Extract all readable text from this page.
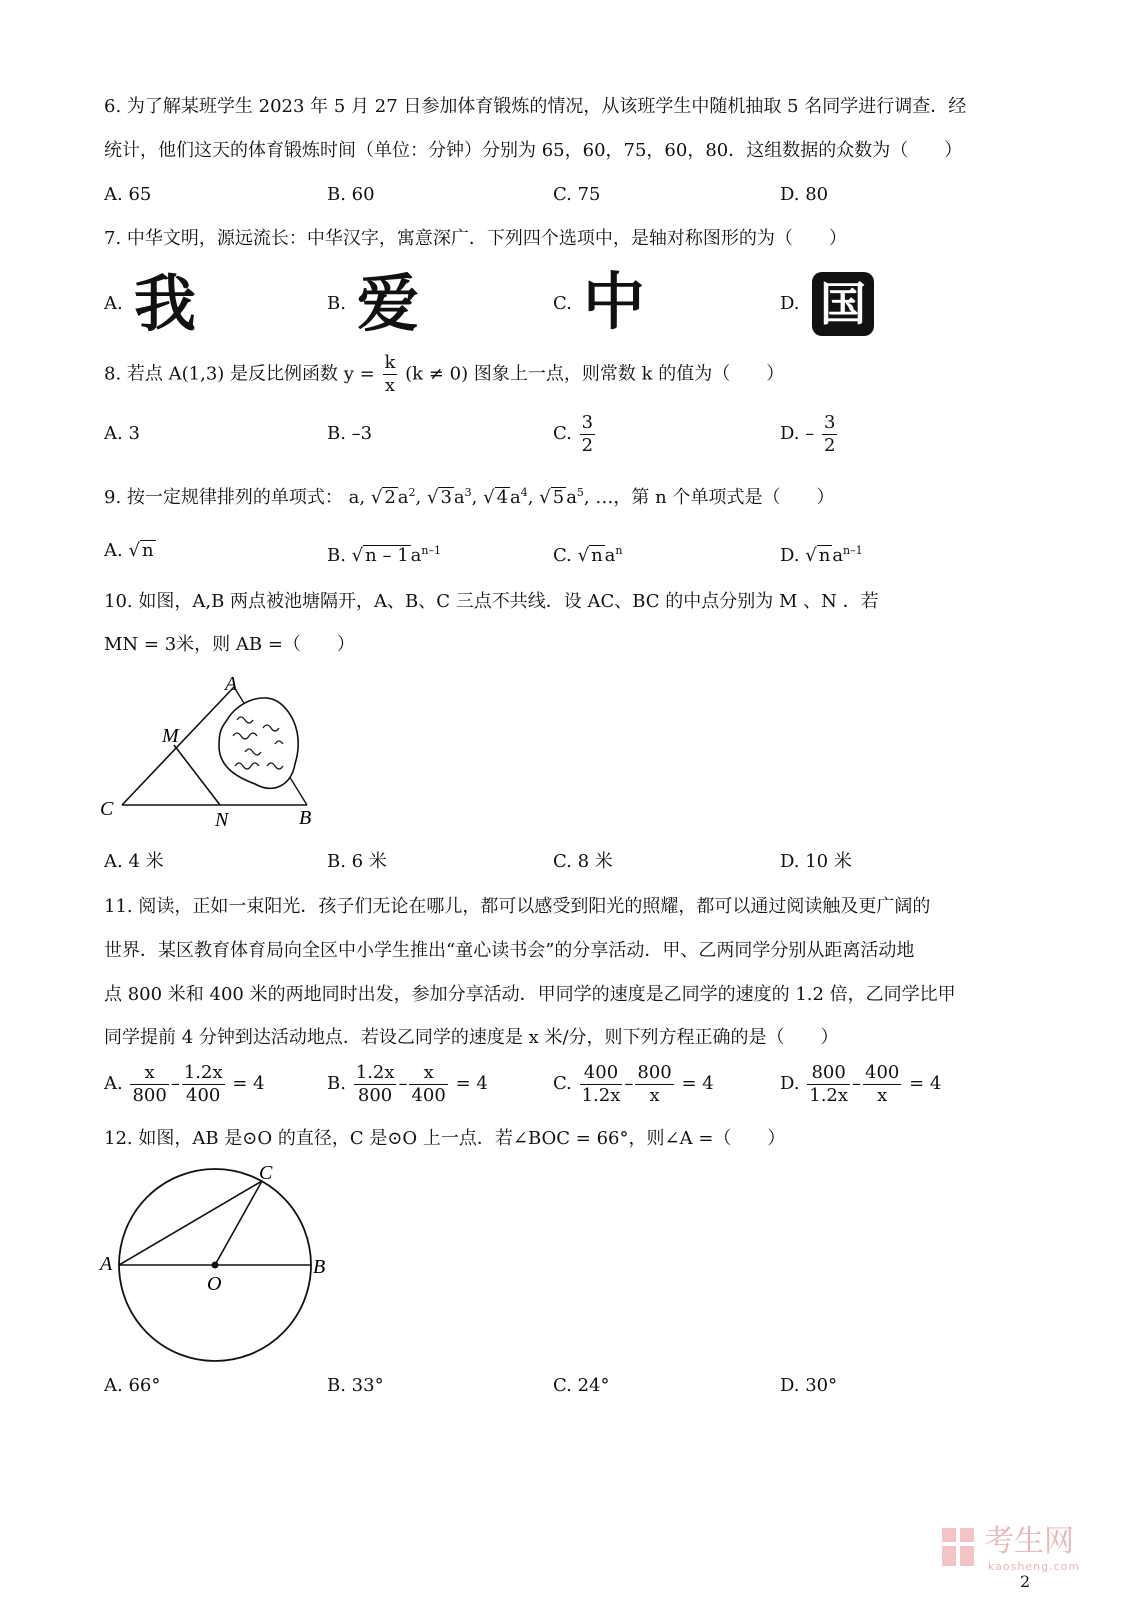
6. 为了解某班学生 2023 年 5 月 27 日参加体育锻炼的情况，从该班学生中随机抽取 5 名同学进行调查．经
统计，他们这天的体育锻炼时间（单位：分钟）分别为 65，60，75，60，80．这组数据的众数为（　　）
A. 65	B. 60	C. 75	D. 80
7. 中华文明，源远流长：中华汉字，寓意深广．下列四个选项中，是轴对称图形的为（　　）
A. 我	B. 爱	C. 中	D. 国
8. 若点 A(1,3) 是反比例函数 $y = \frac{k}{x} (k \ne 0)$ 图象上一点，则常数 k 的值为（　　）
A. 3	B. –3	C. $\frac{3}{2}$	D. – $\frac{3}{2}$
9. 按一定规律排列的单项式： a, √ 2 $a^2$, √ 3 $a^3$, √ 4 $a^4$, √ 5 $a^5$, …，第 n 个单项式是（　　）
A. √ n	B. √ n – 1 $a^{n-1}$	C. √ n $a^n$	D. √ n $a^{n-1}$
10. 如图，A,B 两点被池塘隔开，A、B、C 三点不共线．设 AC、BC 的中点分别为 M 、N ．若
MN = 3米，则 AB =（　　）
A
M
C	N	B
A. 4 米	B. 6 米	C. 8 米	D. 10 米
11. 阅读，正如一束阳光．孩子们无论在哪儿，都可以感受到阳光的照耀，都可以通过阅读触及更广阔的
世界．某区教育体育局向全区中小学生推出“童心读书会”的分享活动．甲、乙两同学分别从距离活动地
点 800 米和 400 米的两地同时出发，参加分享活动．甲同学的速度是乙同学的速度的 1.2 倍，乙同学比甲
同学提前 4 分钟到达活动地点．若设乙同学的速度是 x 米/分，则下列方程正确的是（　　）
A. $\frac{x}{800} - \frac{1.2x}{400} = 4$	B. $\frac{1.2x}{800} - \frac{x}{400} = 4$	C. $\frac{400}{1.2x} - \frac{800}{x} = 4$	D. $\frac{800}{1.2x} - \frac{400}{x} = 4$
12. 如图，AB 是⊙O 的直径，C 是⊙O 上一点．若∠BOC = 66°，则∠A =（　　）
A
O
B
C
A. 66°	B. 33°	C. 24°	D. 30°
考生网
kaosheng.com
2
